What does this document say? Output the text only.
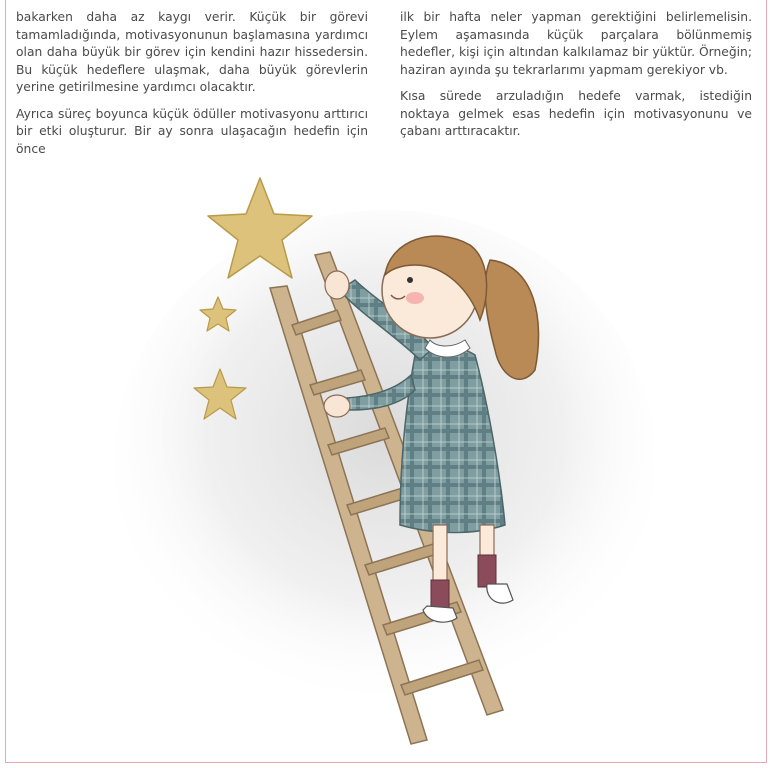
bakarken daha az kaygı verir. Küçük bir görevi tamamladığında, motivasyonunun başlamasına yardımcı olan daha büyük bir görev için kendini hazır hissedersin. Bu küçük hedeflere ulaşmak, daha büyük görevlerin yerine getirilmesine yardımcı olacaktır.

Ayrıca süreç boyunca küçük ödüller motivasyonu arttırıcı bir etki oluşturur. Bir ay sonra ulaşacağın hedefin için önce

ilk bir hafta neler yapman gerektiğini belirlemelisin. Eylem aşamasında küçük parçalara bölünmemiş hedefler, kişi için altından kalkılamaz bir yüktür. Örneğin; haziran ayında şu tekrarlarımı yapmam gerekiyor vb.

Kısa sürede arzuladığın hedefe varmak, istediğin noktaya gelmek esas hedefin için motivasyonunu ve çabanı arttıracaktır.
